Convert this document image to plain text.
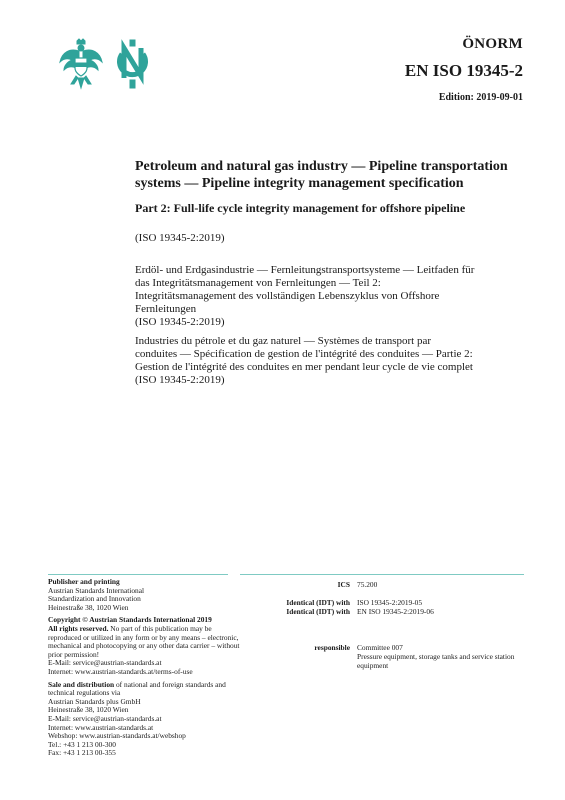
ÖNORM
EN ISO 19345-2
Edition: 2019-09-01
Petroleum and natural gas industry — Pipeline transportation systems — Pipeline integrity management specification
Part 2: Full-life cycle integrity management for offshore pipeline
(ISO 19345-2:2019)
Erdöl- und Erdgasindustrie — Fernleitungstransportsysteme — Leitfaden für das Integritätsmanagement von Fernleitungen — Teil 2: Integritätsmanagement des vollständigen Lebenszyklus von Offshore Fernleitungen
(ISO 19345-2:2019)
Industries du pétrole et du gaz naturel — Systèmes de transport par conduites — Spécification de gestion de l'intégrité des conduites — Partie 2: Gestion de l'intégrité des conduites en mer pendant leur cycle de vie complet
(ISO 19345-2:2019)

Publisher and printing

Austrian Standards International

Standardization and Innovation

Heinestraße 38, 1020 Wien

Copyright © Austrian Standards International 2019

All rights reserved. No part of this publication may be reproduced or utilized in any form or by any means – electronic, mechanical and photocopying or any other data carrier – without prior permission!

E-Mail: service@austrian-standards.at

Internet: www.austrian-standards.at/terms-of-use

Sale and distribution of national and foreign standards and technical regulations via

Austrian Standards plus GmbH

Heinestraße 38, 1020 Wien

E-Mail: service@austrian-standards.at

Internet: www.austrian-standards.at

Webshop: www.austrian-standards.at/webshop

Tel.: +43 1 213 00-300

Fax: +43 1 213 00-355

ICS 75.200
Identical (IDT) with ISO 19345-2:2019-05
Identical (IDT) with EN ISO 19345-2:2019-06
responsible Committee 007
Pressure equipment, storage tanks and service station equipment
